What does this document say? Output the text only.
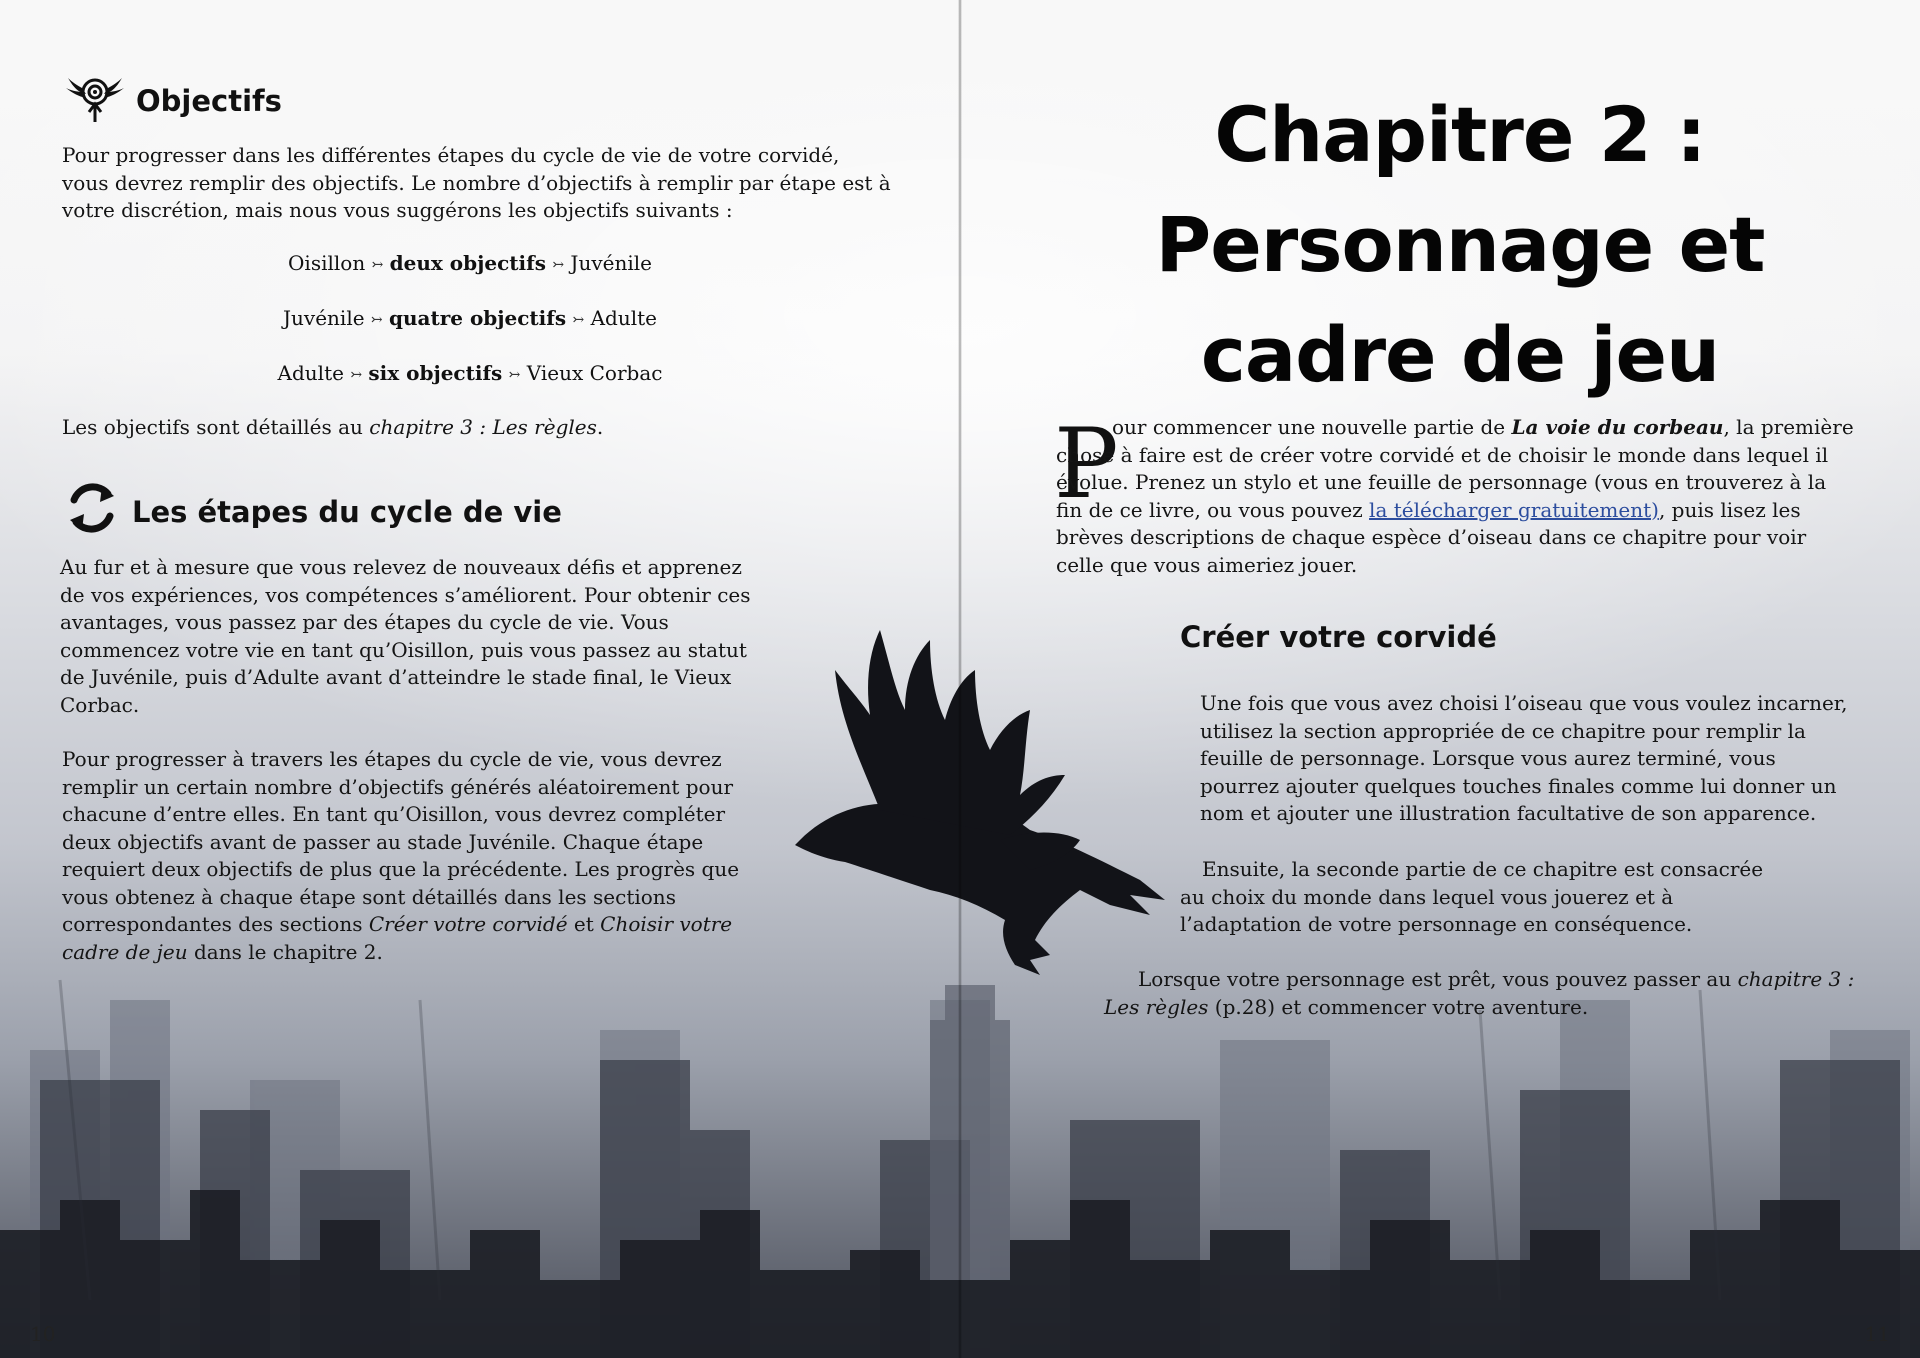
Objectifs

Pour progresser dans les différentes étapes du cycle de vie de votre corvidé, vous devrez remplir des objectifs. Le nombre d’objectifs à remplir par étape est à votre discrétion, mais nous vous suggérons les objectifs suivants :

Oisillon ↣ deux objectifs ↣ Juvénile
Juvénile ↣ quatre objectifs ↣ Adulte
Adulte ↣ six objectifs ↣ Vieux Corbac

Les objectifs sont détaillés au chapitre 3 : Les règles.

Les étapes du cycle de vie

Au fur et à mesure que vous relevez de nouveaux défis et apprenez de vos expériences, vos compétences s’améliorent. Pour obtenir ces avantages, vous passez par des étapes du cycle de vie. Vous commencez votre vie en tant qu’Oisillon, puis vous passez au statut de Juvénile, puis d’Adulte avant d’atteindre le stade final, le Vieux Corbac.

Pour progresser à travers les étapes du cycle de vie, vous devrez remplir un certain nombre d’objectifs générés aléatoirement pour chacune d’entre elles. En tant qu’Oisillon, vous devrez compléter deux objectifs avant de passer au stade Juvénile. Chaque étape requiert deux objectifs de plus que la précédente. Les progrès que vous obtenez à chaque étape sont détaillés dans les sections correspondantes des sections Créer votre corvidé et Choisir votre cadre de jeu dans le chapitre 2.

10
Chapitre 2 :
Personnage et
cadre de jeu
P

our commencer une nouvelle partie de La voie du corbeau, la première chose à faire est de créer votre corvidé et de choisir le monde dans lequel il évolue. Prenez un stylo et une feuille de personnage (vous en trouverez à la fin de ce livre, ou vous pouvez la télécharger gratuitement), puis lisez les brèves descriptions de chaque espèce d’oiseau dans ce chapitre pour voir celle que vous aimeriez jouer.

Créer votre corvidé

Une fois que vous avez choisi l’oiseau que vous voulez incarner, utilisez la section appropriée de ce chapitre pour remplir la feuille de personnage. Lorsque vous aurez terminé, vous pourrez ajouter quelques touches finales comme lui donner un nom et ajouter une illustration facultative de son apparence.

Ensuite, la seconde partie de ce chapitre est consacrée au choix du monde dans lequel vous jouerez et à l’adaptation de votre personnage en conséquence.

Lorsque votre personnage est prêt, vous pouvez passer au chapitre 3 : Les règles (p.28) et commencer votre aventure.

11
